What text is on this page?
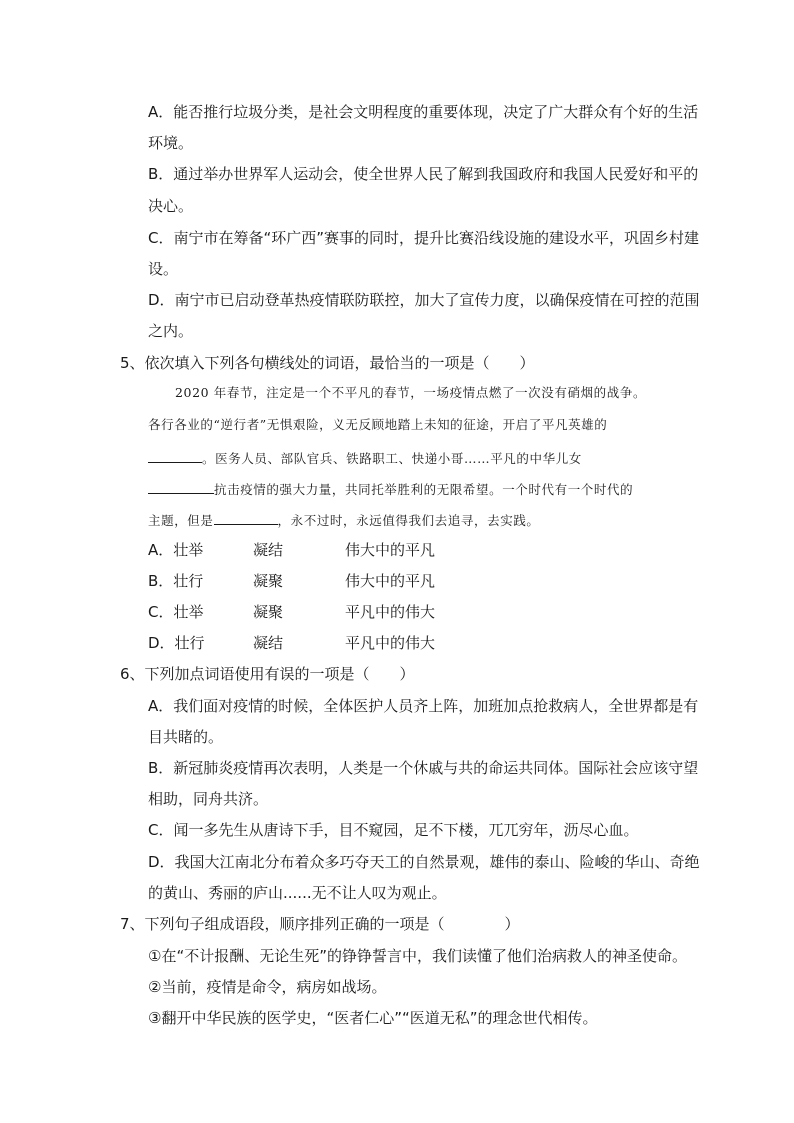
A．能否推行垃圾分类，是社会文明程度的重要体现，决定了广大群众有个好的生活
环境。
B．通过举办世界军人运动会，使全世界人民了解到我国政府和我国人民爱好和平的
决心。
C．南宁市在筹备“环广西”赛事的同时，提升比赛沿线设施的建设水平，巩固乡村建
设。
D．南宁市已启动登革热疫情联防联控，加大了宣传力度，以确保疫情在可控的范围
之内。
5、依次填入下列各句横线处的词语，最恰当的一项是（　　）
2020 年春节，注定是一个不平凡的春节，一场疫情点燃了一次没有硝烟的战争。
各行各业的“逆行者”无惧艰险，义无反顾地踏上未知的征途，开启了平凡英雄的
。医务人员、部队官兵、铁路职工、快递小哥……平凡的中华儿女
抗击疫情的强大力量，共同托举胜利的无限希望。一个时代有一个时代的
主题，但是	，永不过时，永远值得我们去追寻，去实践。
A．壮举	凝结	伟大中的平凡
B．壮行	凝聚	伟大中的平凡
C．壮举	凝聚	平凡中的伟大
D．壮行	凝结	平凡中的伟大
6、下列加点词语使用有误的一项是（　　）
A．我们面对疫情的时候，全体医护人员齐上阵，加班加点抢救病人，全世界都是有
目共睹的。
B．新冠肺炎疫情再次表明，人类是一个休戚与共的命运共同体。国际社会应该守望
相助，同舟共济。
C．闻一多先生从唐诗下手，目不窥园，足不下楼，兀兀穷年，沥尽心血。
D．我国大江南北分布着众多巧夺天工的自然景观，雄伟的泰山、险峻的华山、奇绝
的黄山、秀丽的庐山......无不让人叹为观止。
7、下列句子组成语段，顺序排列正确的一项是（　　　　）
①在“不计报酬、无论生死”的铮铮誓言中，我们读懂了他们治病救人的神圣使命。
②当前，疫情是命令，病房如战场。
③翻开中华民族的医学史，“医者仁心”“医道无私”的理念世代相传。
